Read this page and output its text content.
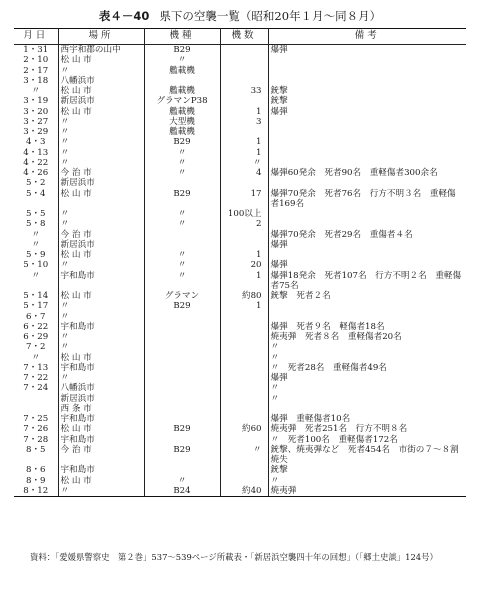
表４－40 県下の空襲一覧（昭和20年１月～同８月）
月日	場所	機種	機数	備考
1・31	西宇和郡の山中	B29		爆弾
2・10	松 山 市	〃		
2・17	〃	艦載機		
3・18	八幡浜市			
〃	松 山 市	艦載機	33	銃撃
3・19	新居浜市	グラマンP38		銃撃
3・20	松 山 市	艦載機	1	爆弾
3・27	〃	大型機	3	
3・29	〃	艦載機		
4・3	〃	B29	1	
4・13	〃	〃	1	
4・22	〃	〃	〃	
4・26	今 治 市	〃	4	爆弾60発余　死者90名　重軽傷者300余名
5・2	新居浜市			
5・4	松 山 市	B29	17	爆弾70発余　死者76名　行方不明３名　重軽傷者169名
5・5	〃	〃	100以上	
5・8	〃	〃	2	
〃	今 治 市			爆弾70発余　死者29名　重傷者４名
〃	新居浜市			爆弾
5・9	松 山 市	〃	1	
5・10	〃	〃	20	爆弾
〃	宇和島市	〃	1	爆弾18発余　死者107名　行方不明２名　重軽傷者75名
5・14	松 山 市	グラマン	約80	銃撃　死者２名
5・17	〃	B29	1	
6・7	〃			
6・22	宇和島市			爆弾　死者９名　軽傷者18名
6・29	〃			焼夷弾　死者８名　重軽傷者20名
7・2	〃			〃
〃	松 山 市			〃
7・13	宇和島市			〃　死者28名　重軽傷者49名
7・22	〃			爆弾
7・24	八幡浜市			〃
	新居浜市			〃
	西 条 市			
7・25	宇和島市			爆弾　重軽傷者10名
7・26	松 山 市	B29	約60	焼夷弾　死者251名　行方不明８名
7・28	宇和島市			〃　死者100名　重軽傷者172名
8・5	今 治 市	B29	〃	銃撃、焼夷弾など　死者454名　市街の７～８割焼失
8・6	宇和島市			銃撃
8・9	松 山 市	〃		〃
8・12	〃	B24	約40	焼夷弾
資料：「愛媛県警察史　第２巻」537～539ページ所載表・「新居浜空襲四十年の回想」（「郷土史談」124号）
